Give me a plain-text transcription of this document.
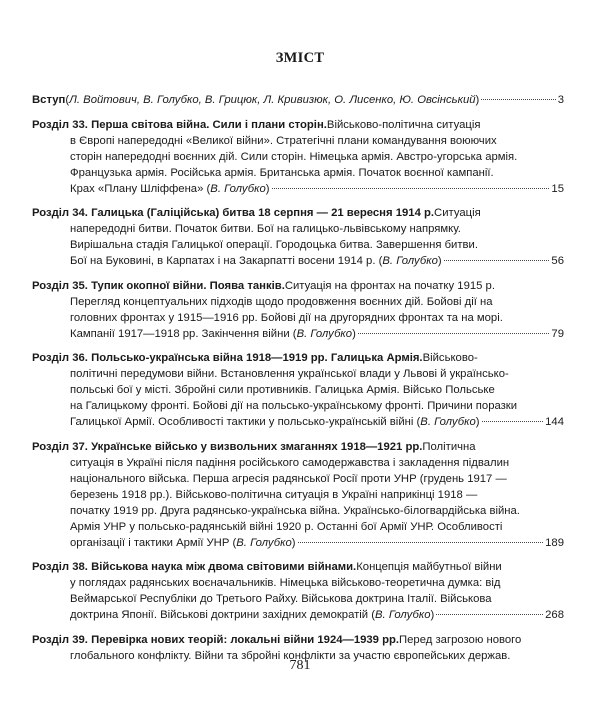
ЗМІСТ
Вступ ( Л. Войтович, В. Голубко, В. Грицюк, Л. Кривизюк, О. Лисенко, Ю. Овсінський )	3
Розділ 33. Перша світова війна. Сили і плани сторін. Військово-політична ситуація
в Європі напередодні «Великої війни». Стратегічні плани командування воюючих
сторін напередодні воєнних дій. Сили сторін. Німецька армія. Австро-угорська армія.
Французька армія. Російська армія. Британська армія. Початок воєнної кампанії.
Крах «Плану Шліффена» ( В. Голубко )	15
Розділ 34. Галицька (Галіційська) битва 18 серпня — 21 вересня 1914 р. Ситуація
напередодні битви. Початок битви. Бої на галицько-львівському напрямку.
Вирішальна стадія Галицької операції. Городоцька битва. Завершення битви.
Бої на Буковині, в Карпатах і на Закарпатті восени 1914 р. ( В. Голубко )	56
Розділ 35. Тупик окопної війни. Поява танків. Ситуація на фронтах на початку 1915 р.
Перегляд концептуальних підходів щодо продовження воєнних дій. Бойові дії на
головних фронтах у 1915—1916 рр. Бойові дії на другорядних фронтах та на морі.
Кампанії 1917—1918 рр. Закінчення війни ( В. Голубко )	79
Розділ 36. Польсько-українська війна 1918—1919 рр. Галицька Армія. Військово-
політичні передумови війни. Встановлення української влади у Львові й українсько-
польські бої у місті. Збройні сили противників. Галицька Армія. Військо Польське
на Галицькому фронті. Бойові дії на польсько-українському фронті. Причини поразки
Галицької Армії. Особливості тактики у польсько-українській війні ( В. Голубко )	144
Розділ 37. Українське військо у визвольних змаганнях 1918—1921 рр. Політична
ситуація в Україні після падіння російського самодержавства і закладення підвалин
національного війська. Перша агресія радянської Росії проти УНР (грудень 1917 —
березень 1918 рр.). Військово-політична ситуація в Україні наприкінці 1918 —
початку 1919 рр. Друга радянсько-українська війна. Українсько-білогвардійська війна.
Армія УНР у польсько-радянській війні 1920 р. Останні бої Армії УНР. Особливості
організації і тактики Армії УНР ( В. Голубко )	189
Розділ 38. Військова наука між двома світовими війнами. Концепція майбутньої війни
у поглядах радянських воєначальників. Німецька військово-теоретична думка: від
Веймарської Республіки до Третього Райху. Військова доктрина Італії. Військова
доктрина Японії. Військові доктрини західних демократій ( В. Голубко )	268
Розділ 39. Перевірка нових теорій: локальні війни 1924—1939 рр. Перед загрозою нового
глобального конфлікту. Війни та збройні конфлікти за участю європейських держав.
781
